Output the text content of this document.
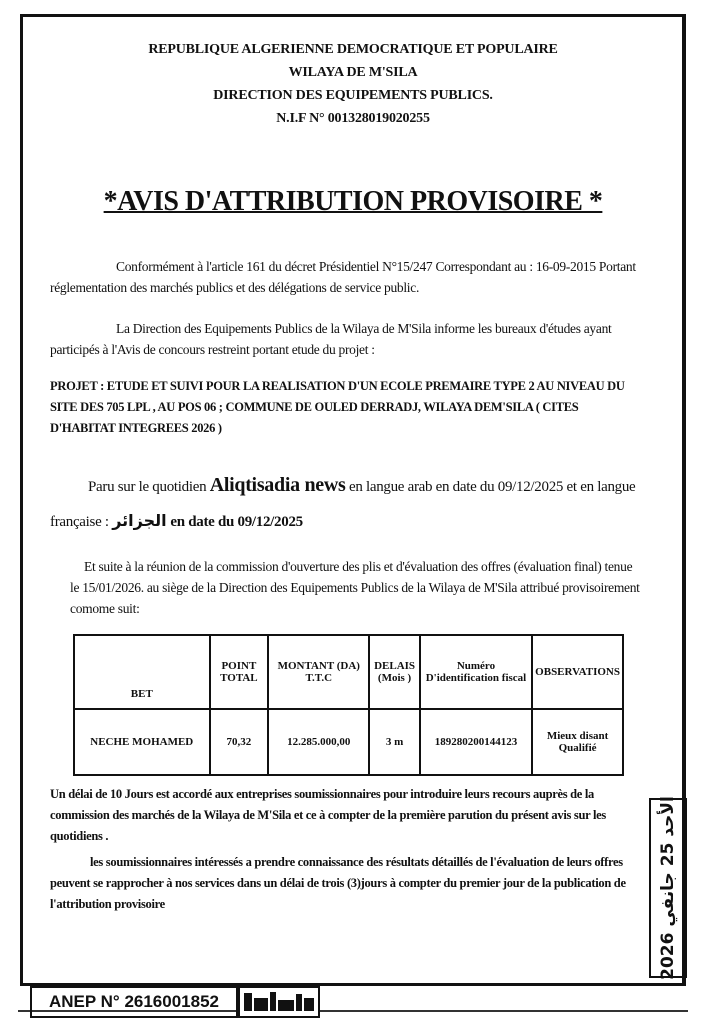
REPUBLIQUE ALGERIENNE DEMOCRATIQUE ET POPULAIRE
WILAYA DE M'SILA
DIRECTION DES EQUIPEMENTS PUBLICS.
N.I.F N° 001328019020255
*AVIS D'ATTRIBUTION PROVISOIRE *

Conformément à l'article 161 du décret Présidentiel N°15/247 Correspondant au : 16-09-2015 Portant réglementation des marchés publics et des délégations de service public.

La Direction des Equipements Publics de la Wilaya de M'Sila informe les bureaux d'études ayant participés à l'Avis de concours restreint portant etude du projet :

PROJET : ETUDE ET SUIVI POUR LA REALISATION D'UN ECOLE PREMAIRE TYPE 2 AU NIVEAU DU SITE DES 705 LPL , AU POS 06 ; COMMUNE DE OULED DERRADJ, WILAYA DEM'SILA ( CITES D'HABITAT INTEGREES 2026 )

Paru sur le quotidien Aliqtisadia news en langue arab en date du 09/12/2025 et en langue française : الجزائر en date du 09/12/2025

Et suite à la réunion de la commission d'ouverture des plis et d'évaluation des offres (évaluation final) tenue le 15/01/2026. au siège de la Direction des Equipements Publics de la Wilaya de M'Sila attribué provisoirement comome suit:

BET	POINT TOTAL	MONTANT (DA) T.T.C	DELAIS (Mois )	Numéro D'identification fiscal	OBSERVATIONS
NECHE MOHAMED	70,32	12.285.000,00	3 m	189280200144123	Mieux disant Qualifié

Un délai de 10 Jours est accordé aux entreprises soumissionnaires pour introduire leurs recours auprès de la commission des marchés de la Wilaya de M'Sila et ce à compter de la première parution du présent avis sur les quotidiens .

les soumissionnaires intéressés a prendre connaissance des résultats détaillés de l'évaluation de leurs offres peuvent se rapprocher à nos services dans un délai de trois (3)jours à compter du premier jour de la publication de l'attribution provisoire

الأحد 25 جانفي 2026
ANEP N° 2616001852
